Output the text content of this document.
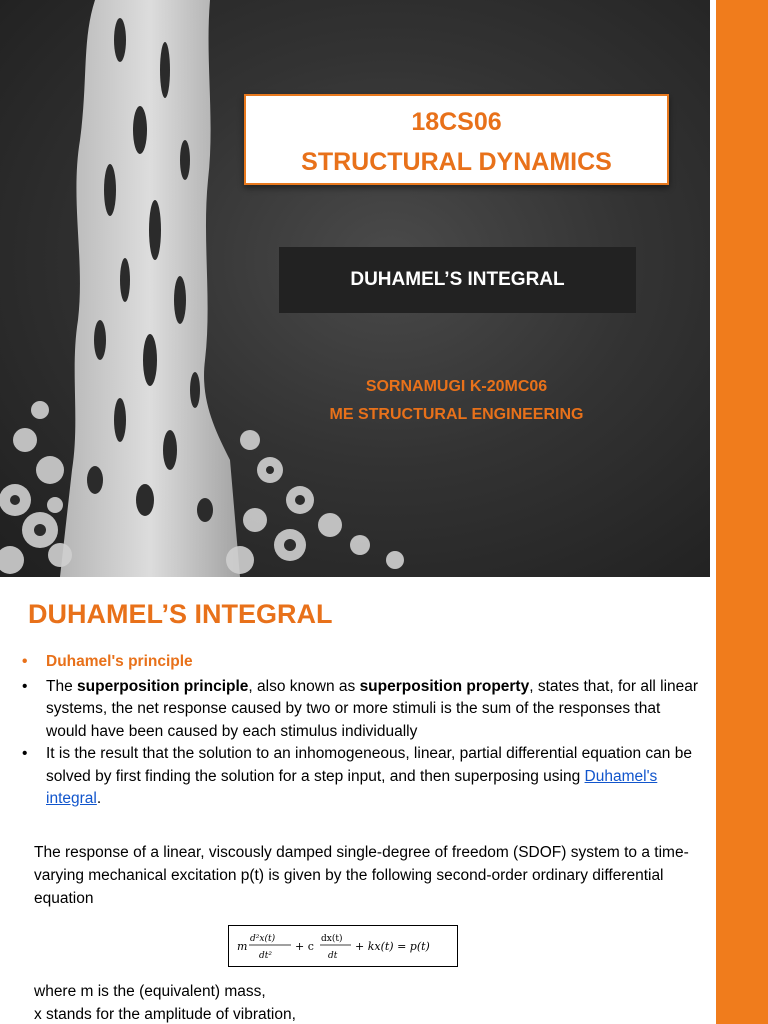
18CS06
STRUCTURAL DYNAMICS
DUHAMEL’S INTEGRAL
SORNAMUGI K-20MC06
ME STRUCTURAL ENGINEERING
DUHAMEL’S INTEGRAL
• Duhamel's principle
• The superposition principle, also known as superposition property, states that, for all linear systems, the net response caused by two or more stimuli is the sum of the responses that would have been caused by each stimulus individually
• It is the result that the solution to an inhomogeneous, linear, partial differential equation can be solved by first finding the solution for a step input, and then superposing using Duhamel's integral.
The response of a linear, viscously damped single-degree of freedom (SDOF) system to a time-varying mechanical excitation p(t) is given by the following second-order ordinary differential equation
m
d²x(t)
dt²
+ c
dx(t)
dt
+ kx(t) = p(t)
where m is the (equivalent) mass,
x stands for the amplitude of vibration,
